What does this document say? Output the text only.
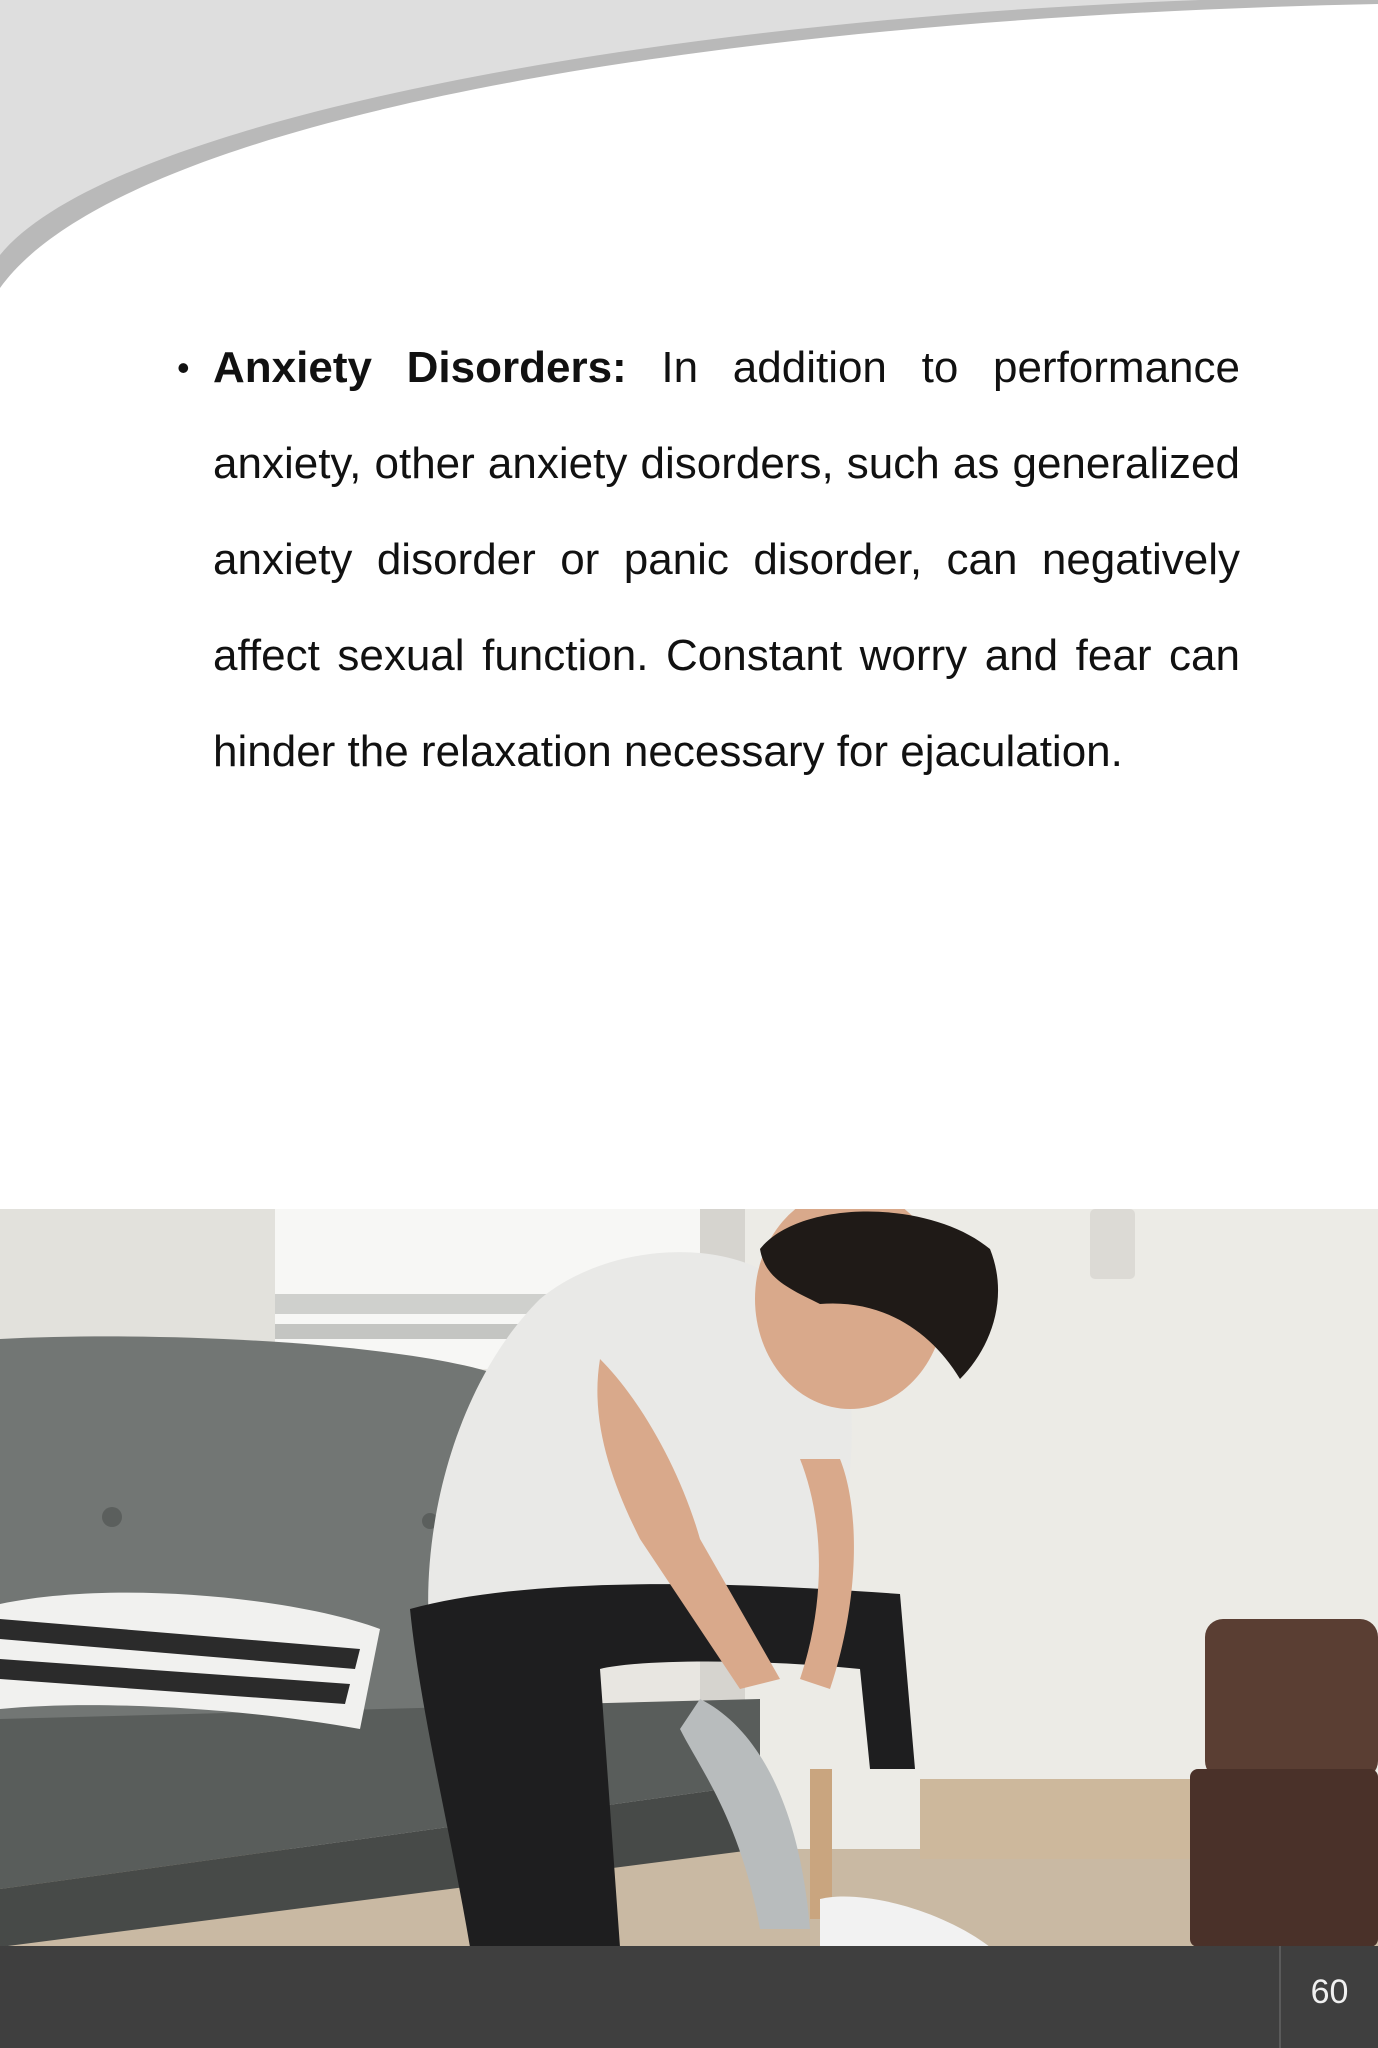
• Anxiety Disorders: In addition to performance anxiety, other anxiety disorders, such as generalized anxiety disorder or panic disorder, can negatively affect sexual function. Constant worry and fear can hinder the relaxation necessary for ejaculation.
60
